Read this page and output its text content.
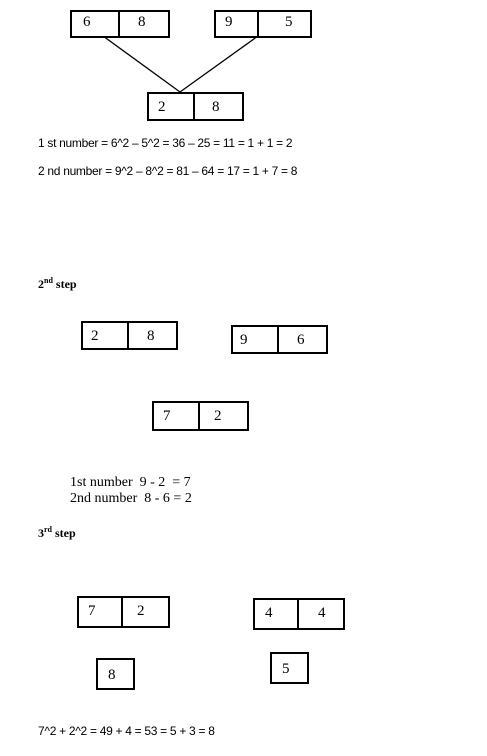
6	8	9	5
2	8
1 st number = 6^2 – 5^2 = 36 – 25 = 11 = 1 + 1 = 2
2 nd number = 9^2 – 8^2 = 81 – 64 = 17 = 1 + 7 = 8
2nd step
2	8	9	6
7	2
1st number  9 - 2  = 7
2nd number  8 - 6 = 2
3rd step
7	2	4	4
8	5
7^2 + 2^2 = 49 + 4 = 53 = 5 + 3 = 8
